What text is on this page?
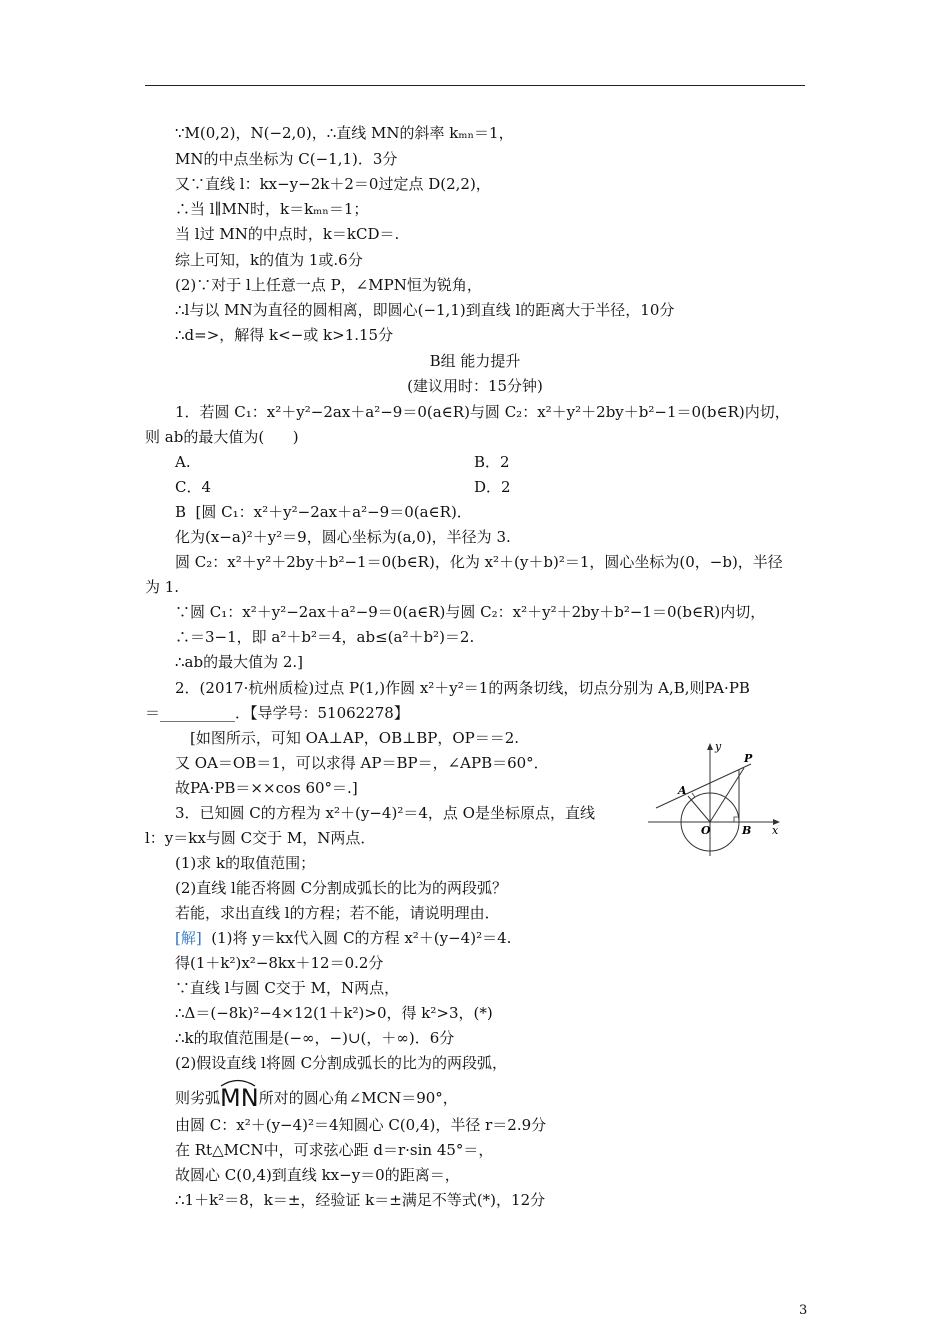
∵M(0,2)，N(−2,0)，∴直线 MN的斜率 kₘₙ＝1，
MN的中点坐标为 C(−1,1)．3分
又∵直线 l：kx−y−2k＋2＝0过定点 D(2,2)，
∴当 l∥MN时，k＝kₘₙ＝1；
当 l过 MN的中点时，k＝kCD＝.
综上可知，k的值为 1或.6分
(2)∵对于 l上任意一点 P，∠MPN恒为锐角，
∴l与以 MN为直径的圆相离，即圆心(−1,1)到直线 l的距离大于半径，10分
∴d=>，解得 k<−或 k>1.15分
B组 能力提升
(建议用时：15分钟)
1．若圆 C₁：x²＋y²−2ax＋a²−9＝0(a∈R)与圆 C₂：x²＋y²＋2by＋b²−1＝0(b∈R)内切，
则 ab的最大值为(      )
A.	B．2
C．4	D．2
B  [圆 C₁：x²＋y²−2ax＋a²−9＝0(a∈R)．
化为(x−a)²＋y²＝9，圆心坐标为(a,0)，半径为 3.
圆 C₂：x²＋y²＋2by＋b²−1＝0(b∈R)，化为 x²＋(y＋b)²＝1，圆心坐标为(0，−b)，半径
为 1.
∵圆 C₁：x²＋y²−2ax＋a²−9＝0(a∈R)与圆 C₂：x²＋y²＋2by＋b²−1＝0(b∈R)内切，
∴＝3−1，即 a²＋b²＝4，ab≤(a²＋b²)＝2.
∴ab的最大值为 2.]
2．(2017·杭州质检)过点 P(1,)作圆 x²＋y²＝1的两条切线，切点分别为 A,B,则PA·PB
＝__________．【导学号：51062278】
[如图所示，可知 OA⊥AP，OB⊥BP，OP＝＝2.
又 OA＝OB＝1，可以求得 AP＝BP＝，∠APB＝60°．
故PA·PB＝××cos 60°＝.]
y
P
A
O	B x
3．已知圆 C的方程为 x²＋(y−4)²＝4，点 O是坐标原点，直线
l：y＝kx与圆 C交于 M，N两点．
(1)求 k的取值范围；
(2)直线 l能否将圆 C分割成弧长的比为的两段弧？
若能，求出直线 l的方程；若不能，请说明理由．
[解] (1)将 y＝kx代入圆 C的方程 x²＋(y−4)²＝4.
得(1＋k²)x²−8kx＋12＝0.2分
∵直线 l与圆 C交于 M，N两点，
∴Δ＝(−8k)²−4×12(1＋k²)>0，得 k²>3，(*)
∴k的取值范围是(−∞，−)∪(，＋∞)．6分
(2)假设直线 l将圆 C分割成弧长的比为的两段弧，
则劣弧
MN所对的圆心角∠MCN＝90°，
由圆 C：x²＋(y−4)²＝4知圆心 C(0,4)，半径 r＝2.9分
在 Rt△MCN中，可求弦心距 d＝r·sin 45°＝，
故圆心 C(0,4)到直线 kx−y＝0的距离＝，
∴1＋k²＝8，k＝±，经验证 k＝±满足不等式(*)，12分
3
